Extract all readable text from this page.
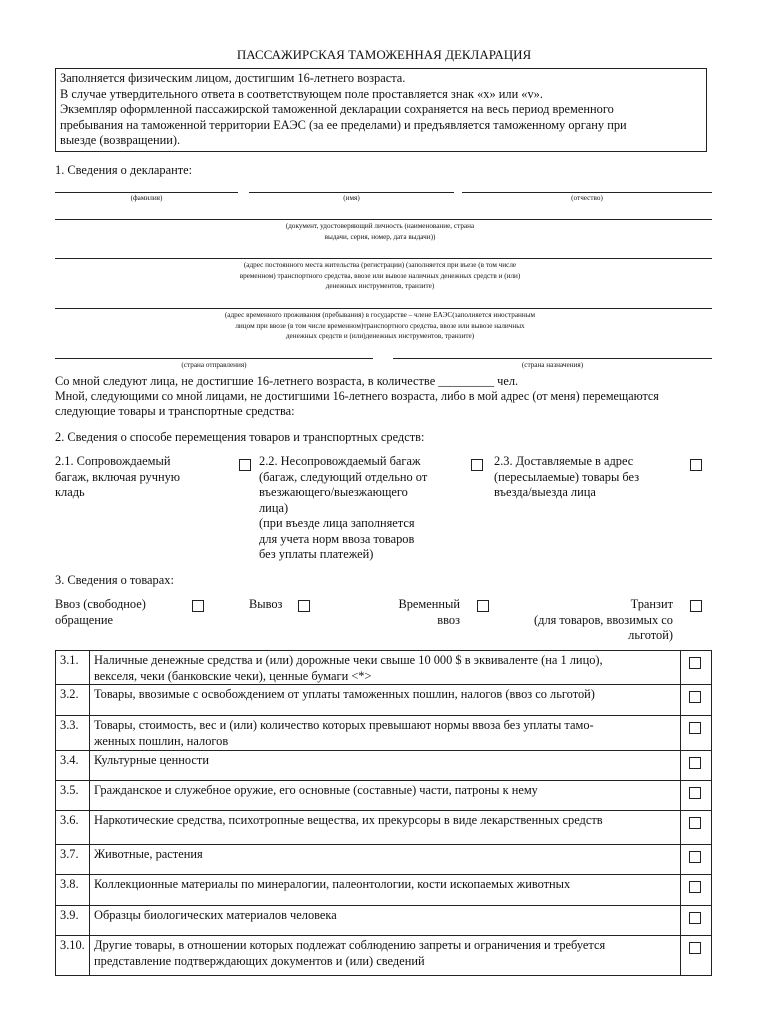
ПАССАЖИРСКАЯ ТАМОЖЕННАЯ ДЕКЛАРАЦИЯ
Заполняется физическим лицом, достигшим 16-летнего возраста.
В случае утвердительного ответа в соответствующем поле проставляется знак «x» или «v».
Экземпляр оформленной пассажирской таможенной декларации сохраняется на весь период временного
пребывания на таможенной территории ЕАЭС (за ее пределами) и предъявляется таможенному органу при
выезде (возвращении).
1. Сведения о декларанте:
(фамилия)	(имя)	(отчество)
(документ, удостоверяющий личность (наименование, страна
выдачи, серия, номер, дата выдачи))
(адрес постоянного места жительства (регистрации) (заполняется при въезе (в том числе
временном) транспортного средства, ввозе или вывозе наличных денежных средств и (или)
денежных инструментов, транзите)
(адрес временного проживания (пребывания) в государстве – члене ЕАЭС(заполняется иностранным
лицом при ввозе (в том числе временном)транспортного средства, ввозе или вывозе наличных
денежных средств и (или)денежных инструментов, транзите)
(страна отправления)	(страна назначения)
Со мной следуют лица, не достигшие 16-летнего возраста, в количестве _________ чел.
Мной, следующими со мной лицами, не достигшими 16-летнего возраста, либо в мой адрес (от меня) перемещаются
следующие товары и транспортные средства:
2. Сведения о способе перемещения товаров и транспортных средств:
2.1. Сопровождаемый
багаж, включая ручную
кладь
2.2. Несопровождаемый багаж
(багаж, следующий отдельно от
въезжающего/выезжающего
лица)
(при въезде лица заполняется
для учета норм ввоза товаров
без уплаты платежей)
2.3. Доставляемые в адрес
(пересылаемые) товары без
въезда/выезда лица
3. Сведения о товарах:
Ввоз (свободное)
обращение
Вывоз	Временный
ввоз
Транзит
(для товаров, ввозимых со
льготой)
3.1.	Наличные денежные средства и (или) дорожные чеки свыше 10 000 $ в эквиваленте (на 1 лицо),
векселя, чеки (банковские чеки), ценные бумаги <*>
3.2.	Товары, ввозимые с освобождением от уплаты таможенных пошлин, налогов (ввоз со льготой)
3.3.	Товары, стоимость, вес и (или) количество которых превышают нормы ввоза без уплаты тамо-
женных пошлин, налогов
3.4.	Культурные ценности
3.5.	Гражданское и служебное оружие, его основные (составные) части, патроны к нему
3.6.	Наркотические средства, психотропные вещества, их прекурсоры в виде лекарственных средств
3.7.	Животные, растения
3.8.	Коллекционные материалы по минералогии, палеонтологии, кости ископаемых животных
3.9.	Образцы биологических материалов человека
3.10. Другие товары, в отношении которых подлежат соблюдению запреты и ограничения и требуется
представление подтверждающих документов и (или) сведений
